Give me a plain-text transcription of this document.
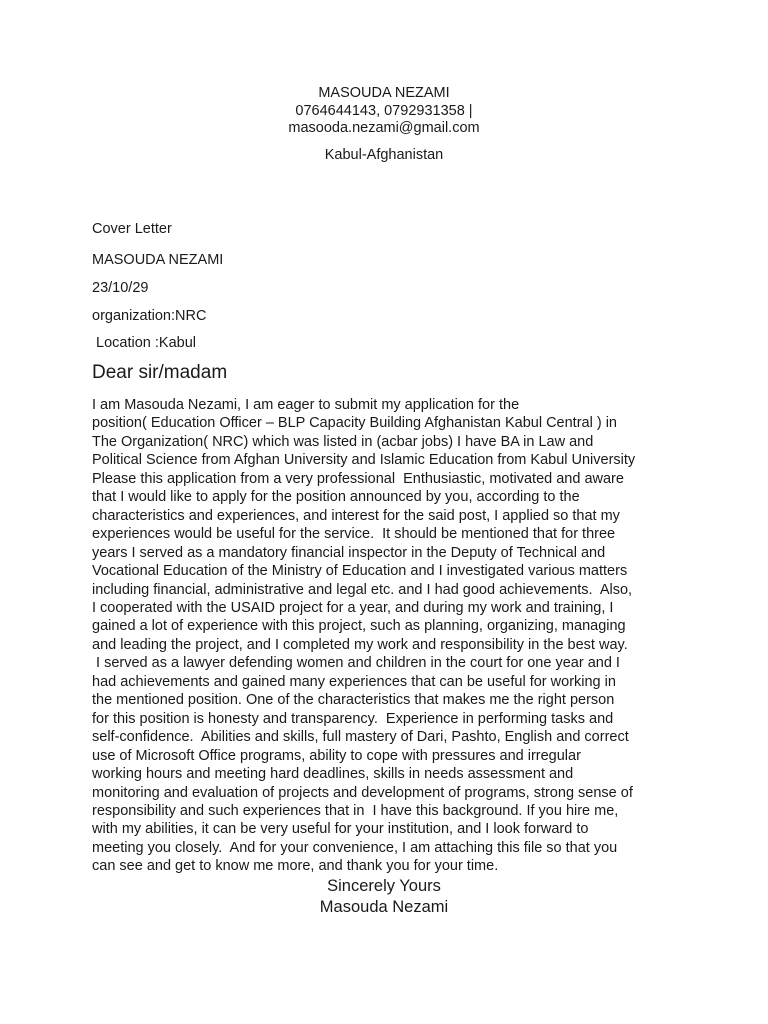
MASOUDA NEZAMI
0764644143, 0792931358 |
masooda.nezami@gmail.com
Kabul-Afghanistan
Cover Letter
MASOUDA NEZAMI
23/10/29
organization:NRC
Location :Kabul
Dear sir/madam
I am Masouda Nezami, I am eager to submit my application for the
position( Education Officer – BLP Capacity Building Afghanistan Kabul Central ) in
The Organization( NRC) which was listed in (acbar jobs) I have BA in Law and
Political Science from Afghan University and Islamic Education from Kabul University
Please this application from a very professional  Enthusiastic, motivated and aware
that I would like to apply for the position announced by you, according to the
characteristics and experiences, and interest for the said post, I applied so that my
experiences would be useful for the service.  It should be mentioned that for three
years I served as a mandatory financial inspector in the Deputy of Technical and
Vocational Education of the Ministry of Education and I investigated various matters
including financial, administrative and legal etc. and I had good achievements.  Also,
I cooperated with the USAID project for a year, and during my work and training, I
gained a lot of experience with this project, such as planning, organizing, managing
and leading the project, and I completed my work and responsibility in the best way.
I served as a lawyer defending women and children in the court for one year and I
had achievements and gained many experiences that can be useful for working in
the mentioned position. One of the characteristics that makes me the right person
for this position is honesty and transparency.  Experience in performing tasks and
self-confidence.  Abilities and skills, full mastery of Dari, Pashto, English and correct
use of Microsoft Office programs, ability to cope with pressures and irregular
working hours and meeting hard deadlines, skills in needs assessment and
monitoring and evaluation of projects and development of programs, strong sense of
responsibility and such experiences that in  I have this background. If you hire me,
with my abilities, it can be very useful for your institution, and I look forward to
meeting you closely.  And for your convenience, I am attaching this file so that you
can see and get to know me more, and thank you for your time.
Sincerely Yours
Masouda Nezami
